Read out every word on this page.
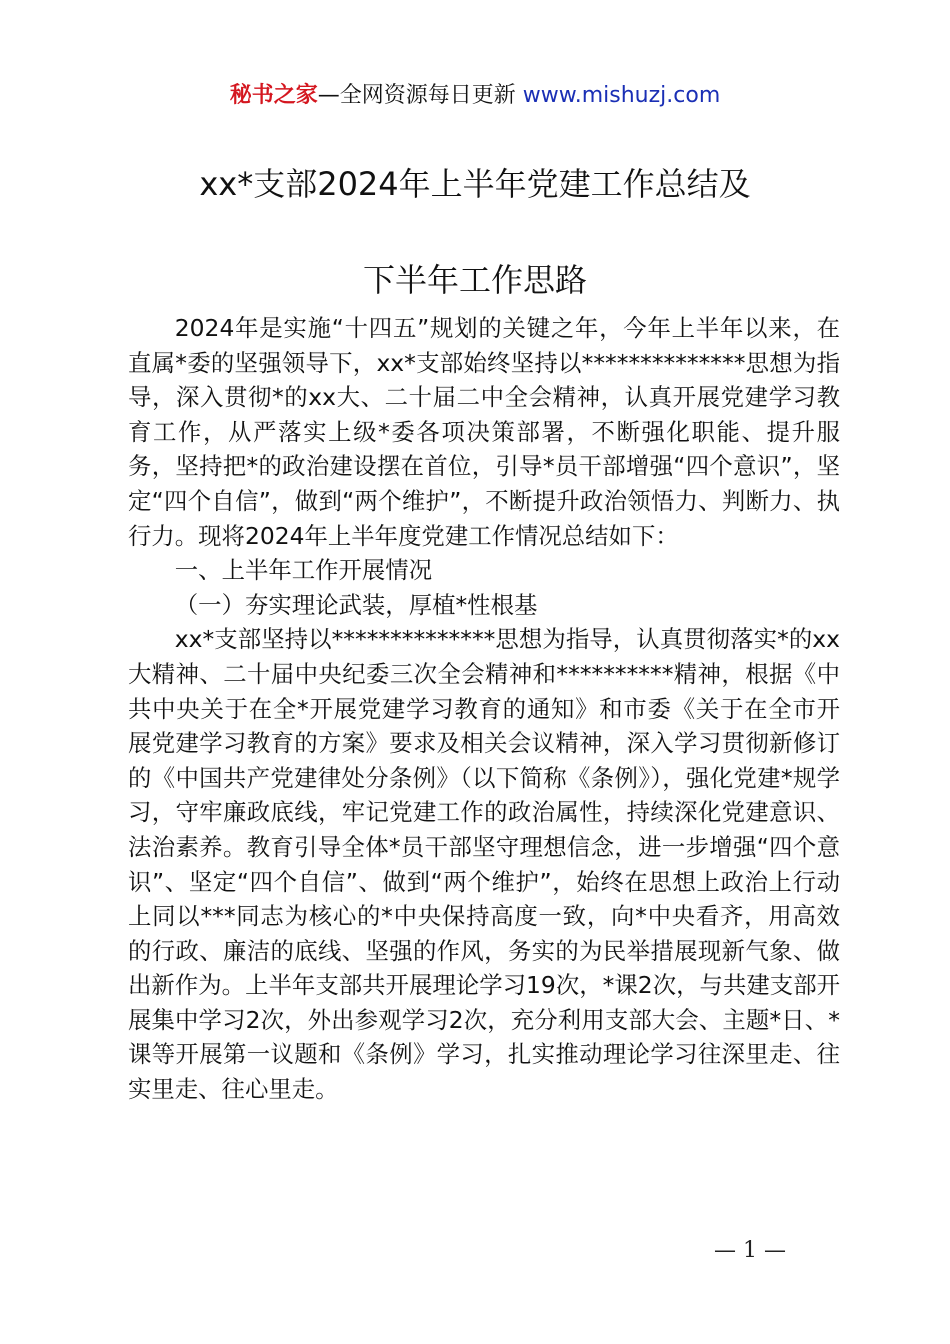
秘书之家—全网资源每日更新 www.mishuzj.com
xx*支部2024年上半年党建工作总结及
下半年工作思路

2024年是实施“十四五”规划的关键之年，今年上半年以来，在直属*委的坚强领导下，xx*支部始终坚持以**************思想为指导，深入贯彻*的xx大、二十届二中全会精神，认真开展党建学习教育工作，从严落实上级*委各项决策部署，不断强化职能、提升服务，坚持把*的政治建设摆在首位，引导*员干部增强“四个意识”，坚定“四个自信”，做到“两个维护”，不断提升政治领悟力、判断力、执行力。现将2024年上半年度党建工作情况总结如下：

一、上半年工作开展情况

（一）夯实理论武装，厚植*性根基

xx*支部坚持以**************思想为指导，认真贯彻落实*的xx大精神、二十届中央纪委三次全会精神和**********精神，根据《中共中央关于在全*开展党建学习教育的通知》和市委《关于在全市开展党建学习教育的方案》要求及相关会议精神，深入学习贯彻新修订的《中国共产党建律处分条例》（以下简称《条例》），强化党建*规学习，守牢廉政底线，牢记党建工作的政治属性，持续深化党建意识、法治素养。教育引导全体*员干部坚守理想信念，进一步增强“四个意识”、坚定“四个自信”、做到“两个维护”，始终在思想上政治上行动上同以***同志为核心的*中央保持高度一致，向*中央看齐，用高效的行政、廉洁的底线、坚强的作风，务实的为民举措展现新气象、做出新作为。上半年支部共开展理论学习19次，*课2次，与共建支部开展集中学习2次，外出参观学习2次，充分利用支部大会、主题*日、*课等开展第一议题和《条例》学习，扎实推动理论学习往深里走、往实里走、往心里走。

— 1 —
